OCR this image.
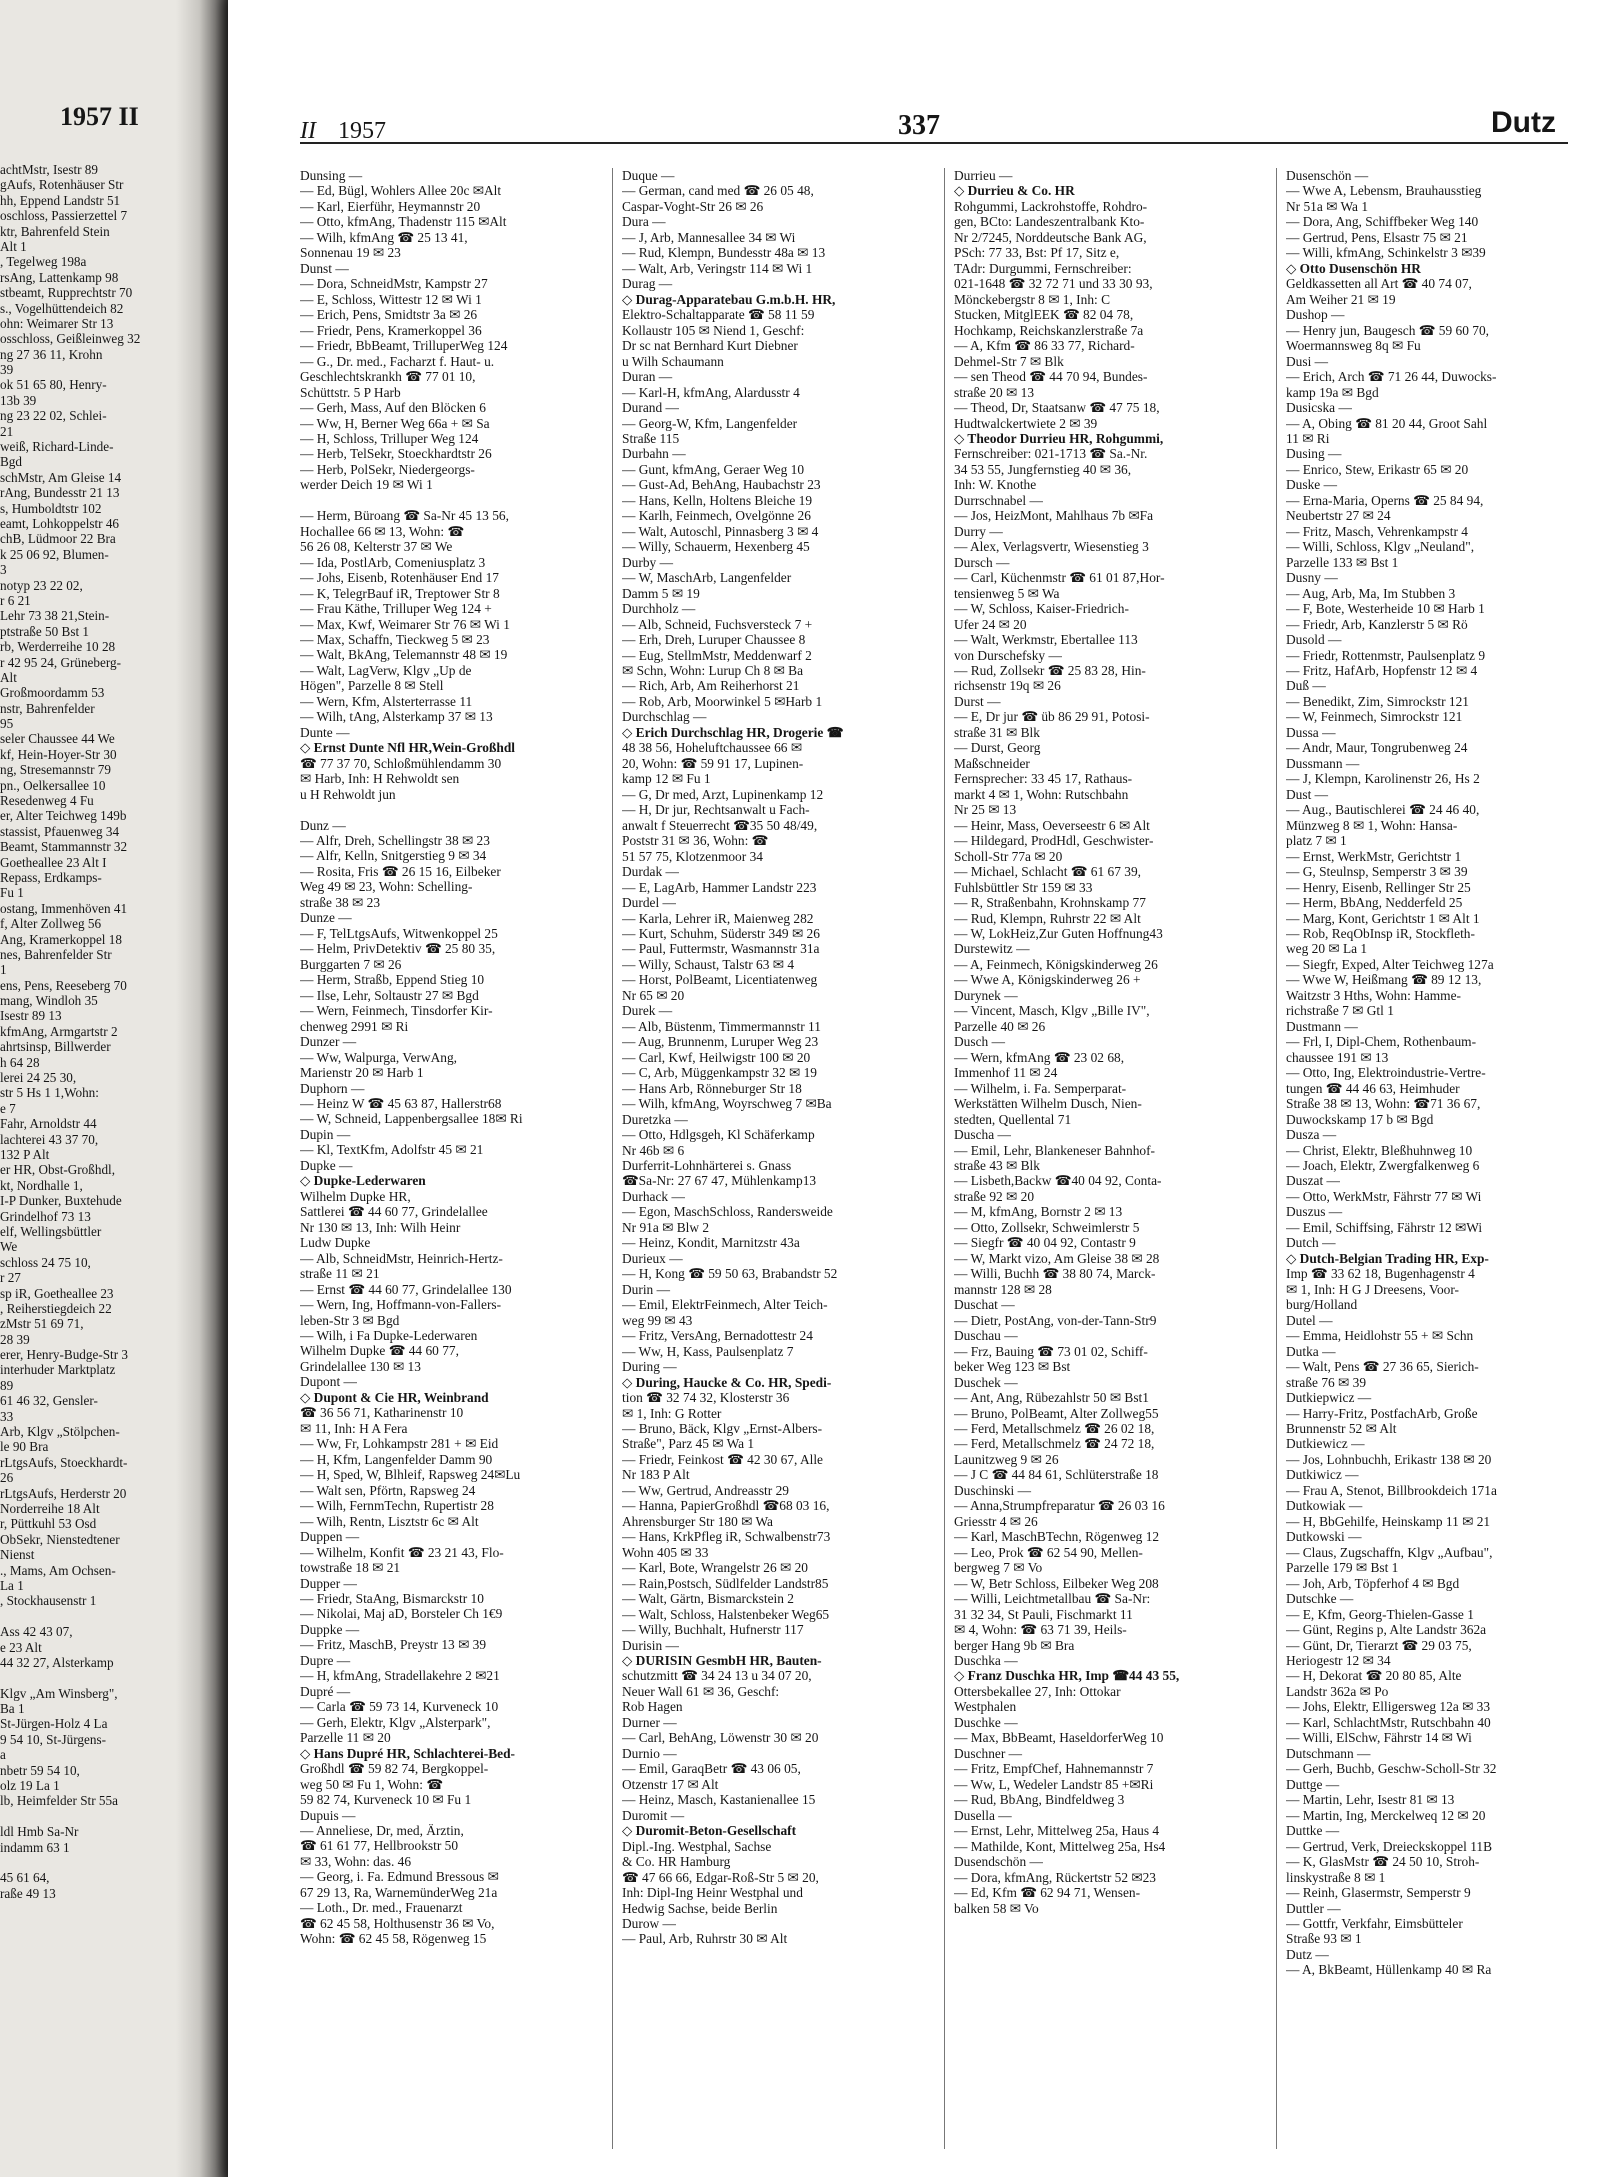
1957 II
achtMstr, Isestr 89
gAufs, Rotenhäuser Str
hh, Eppend Landstr 51
oschloss, Passierzettel 7
ktr, Bahrenfeld Stein
Alt 1
, Tegelweg 198a
rsAng, Lattenkamp 98
stbeamt, Rupprechtstr 70
s., Vogelhüttendeich 82
ohn: Weimarer Str 13
osschloss, Geißleinweg 32
ng 27 36 11, Krohn
39
ok 51 65 80, Henry-
13b 39
ng 23 22 02, Schlei-
21
weiß, Richard-Linde-
Bgd
schMstr, Am Gleise 14
rAng, Bundesstr 21 13
s, Humboldtstr 102
eamt, Lohkoppelstr 46
chB, Lüdmoor 22 Bra
k 25 06 92, Blumen-
3
notyp 23 22 02,
r 6 21
Lehr 73 38 21,Stein-
ptstraße 50 Bst 1
rb, Werderreihe 10 28
r 42 95 24, Grüneberg-
Alt
Großmoordamm 53
nstr, Bahrenfelder
95
seler Chaussee 44 We
kf, Hein-Hoyer-Str 30
ng, Stresemannstr 79
pn., Oelkersallee 10
Resedenweg 4 Fu
er, Alter Teichweg 149b
stassist, Pfauenweg 34
Beamt, Stammannstr 32
Goetheallee 23 Alt I
Repass, Erdkamps-
Fu 1
ostang, Immenhöven 41
f, Alter Zollweg 56
Ang, Kramerkoppel 18
nes, Bahrenfelder Str
1
ens, Pens, Reeseberg 70
mang, Windloh 35
Isestr 89 13
kfmAng, Armgartstr 2
ahrtsinsp, Billwerder
h 64 28
lerei 24 25 30,
str 5 Hs 1 1,Wohn:
e 7
Fahr, Arnoldstr 44
lachterei 43 37 70,
132 P Alt
er HR, Obst-Großhdl,
kt, Nordhalle 1,
I-P Dunker, Buxtehude
Grindelhof 73 13
elf, Wellingsbüttler
We
schloss 24 75 10,
r 27
sp iR, Goetheallee 23
, Reiherstiegdeich 22
zMstr 51 69 71,
28 39
erer, Henry-Budge-Str 3
interhuder Marktplatz
89
61 46 32, Gensler-
33
Arb, Klgv „Stölpchen-
le 90 Bra
rLtgsAufs, Stoeckhardt-
26
rLtgsAufs, Herderstr 20
Norderreihe 18 Alt
r, Püttkuhl 53 Osd
ObSekr, Nienstedtener
Nienst
., Mams, Am Ochsen-
La 1
, Stockhausenstr 1
Ass 42 43 07,
e 23 Alt
44 32 27, Alsterkamp
Klgv „Am Winsberg",
Ba 1
St-Jürgen-Holz 4 La
9 54 10, St-Jürgens-
a
nbetr 59 54 10,
olz 19 La 1
lb, Heimfelder Str 55a
ldl Hmb Sa-Nr
indamm 63 1
45 61 64,
raße 49 13
II 1957	337	Dutz
Dunsing —
— Ed, Bügl, Wohlers Allee 20c ✉Alt
— Karl, Eierführ, Heymannstr 20
— Otto, kfmAng, Thadenstr 115 ✉Alt
— Wilh, kfmAng ☎ 25 13 41,
Sonnenau 19 ✉ 23
Dunst —
— Dora, SchneidMstr, Kampstr 27
— E, Schloss, Wittestr 12 ✉ Wi 1
— Erich, Pens, Smidtstr 3a ✉ 26
— Friedr, Pens, Kramerkoppel 36
— Friedr, BbBeamt, TrilluperWeg 124
— G., Dr. med., Facharzt f. Haut- u.
Geschlechtskrankh ☎ 77 01 10,
Schüttstr. 5 P Harb
— Gerh, Mass, Auf den Blöcken 6
— Ww, H, Berner Weg 66a + ✉ Sa
— H, Schloss, Trilluper Weg 124
— Herb, TelSekr, Stoeckhardtstr 26
— Herb, PolSekr, Niedergeorgs-
werder Deich 19 ✉ Wi 1
— Herm, Büroang ☎ Sa-Nr 45 13 56,
Hochallee 66 ✉ 13, Wohn: ☎
56 26 08, Kelterstr 37 ✉ We
— Ida, PostlArb, Comeniusplatz 3
— Johs, Eisenb, Rotenhäuser End 17
— K, TelegrBauf iR, Treptower Str 8
— Frau Käthe, Trilluper Weg 124 +
— Max, Kwf, Weimarer Str 76 ✉ Wi 1
— Max, Schaffn, Tieckweg 5 ✉ 23
— Walt, BkAng, Telemannstr 48 ✉ 19
— Walt, LagVerw, Klgv „Up de
Högen", Parzelle 8 ✉ Stell
— Wern, Kfm, Alsterterrasse 11
— Wilh, tAng, Alsterkamp 37 ✉ 13
Dunte —
◇ Ernst Dunte Nfl HR,Wein-Großhdl
☎ 77 37 70, Schloßmühlendamm 30
✉ Harb, Inh: H Rehwoldt sen
u H Rehwoldt jun
Dunz —
— Alfr, Dreh, Schellingstr 38 ✉ 23
— Alfr, Kelln, Snitgerstieg 9 ✉ 34
— Rosita, Fris ☎ 26 15 16, Eilbeker
Weg 49 ✉ 23, Wohn: Schelling-
straße 38 ✉ 23
Dunze —
— F, TelLtgsAufs, Witwenkoppel 25
— Helm, PrivDetektiv ☎ 25 80 35,
Burggarten 7 ✉ 26
— Herm, Straßb, Eppend Stieg 10
— Ilse, Lehr, Soltaustr 27 ✉ Bgd
— Wern, Feinmech, Tinsdorfer Kir-
chenweg 2991 ✉ Ri
Dunzer —
— Ww, Walpurga, VerwAng,
Marienstr 20 ✉ Harb 1
Duphorn —
— Heinz W ☎ 45 63 87, Hallerstr68
— W, Schneid, Lappenbergsallee 18✉ Ri
Dupin —
— Kl, TextKfm, Adolfstr 45 ✉ 21
Dupke —
◇ Dupke-Lederwaren
Wilhelm Dupke HR,
Sattlerei ☎ 44 60 77, Grindelallee
Nr 130 ✉ 13, Inh: Wilh Heinr
Ludw Dupke
— Alb, SchneidMstr, Heinrich-Hertz-
straße 11 ✉ 21
— Ernst ☎ 44 60 77, Grindelallee 130
— Wern, Ing, Hoffmann-von-Fallers-
leben-Str 3 ✉ Bgd
— Wilh, i Fa Dupke-Lederwaren
Wilhelm Dupke ☎ 44 60 77,
Grindelallee 130 ✉ 13
Dupont —
◇ Dupont & Cie HR, Weinbrand
☎ 36 56 71, Katharinenstr 10
✉ 11, Inh: H A Fera
— Ww, Fr, Lohkampstr 281 + ✉ Eid
— H, Kfm, Langenfelder Damm 90
— H, Sped, W, Blhleif, Rapsweg 24✉Lu
— Walt sen, Pförtn, Rapsweg 24
— Wilh, FernmTechn, Rupertistr 28
— Wilh, Rentn, Lisztstr 6c ✉ Alt
Duppen —
— Wilhelm, Konfit ☎ 23 21 43, Flo-
towstraße 18 ✉ 21
Dupper —
— Friedr, StaAng, Bismarckstr 10
— Nikolai, Maj aD, Borsteler Ch 1€9
Duppke —
— Fritz, MaschB, Preystr 13 ✉ 39
Dupre —
— H, kfmAng, Stradellakehre 2 ✉21
Dupré —
— Carla ☎ 59 73 14, Kurveneck 10
— Gerh, Elektr, Klgv „Alsterpark",
Parzelle 11 ✉ 20
◇ Hans Dupré HR, Schlachterei-Bed-
Großhdl ☎ 59 82 74, Bergkoppel-
weg 50 ✉ Fu 1, Wohn: ☎
59 82 74, Kurveneck 10 ✉ Fu 1
Dupuis —
— Anneliese, Dr, med, Ärztin,
☎ 61 61 77, Hellbrookstr 50
✉ 33, Wohn: das. 46
— Georg, i. Fa. Edmund Bressous ✉
67 29 13, Ra, WarnemünderWeg 21a
— Loth., Dr. med., Frauenarzt
☎ 62 45 58, Holthusenstr 36 ✉ Vo,
Wohn: ☎ 62 45 58, Rögenweg 15
Duque —
— German, cand med ☎ 26 05 48,
Caspar-Voght-Str 26 ✉ 26
Dura —
— J, Arb, Mannesallee 34 ✉ Wi
— Rud, Klempn, Bundesstr 48a ✉ 13
— Walt, Arb, Veringstr 114 ✉ Wi 1
Durag —
◇ Durag-Apparatebau G.m.b.H. HR,
Elektro-Schaltapparate ☎ 58 11 59
Kollaustr 105 ✉ Niend 1, Geschf:
Dr sc nat Bernhard Kurt Diebner
u Wilh Schaumann
Duran —
— Karl-H, kfmAng, Alardusstr 4
Durand —
— Georg-W, Kfm, Langenfelder
Straße 115
Durbahn —
— Gunt, kfmAng, Geraer Weg 10
— Gust-Ad, BehAng, Haubachstr 23
— Hans, Kelln, Holtens Bleiche 19
— Karlh, Feinmech, Ovelgönne 26
— Walt, Autoschl, Pinnasberg 3 ✉ 4
— Willy, Schauerm, Hexenberg 45
Durby —
— W, MaschArb, Langenfelder
Damm 5 ✉ 19
Durchholz —
— Alb, Schneid, Fuchsversteck 7 +
— Erh, Dreh, Luruper Chaussee 8
— Eug, StellmMstr, Meddenwarf 2
✉ Schn, Wohn: Lurup Ch 8 ✉ Ba
— Rich, Arb, Am Reiherhorst 21
— Rob, Arb, Moorwinkel 5 ✉Harb 1
Durchschlag —
◇ Erich Durchschlag HR, Drogerie ☎
48 38 56, Hoheluftchaussee 66 ✉
20, Wohn: ☎ 59 91 17, Lupinen-
kamp 12 ✉ Fu 1
— G, Dr med, Arzt, Lupinenkamp 12
— H, Dr jur, Rechtsanwalt u Fach-
anwalt f Steuerrecht ☎35 50 48/49,
Poststr 31 ✉ 36, Wohn: ☎
51 57 75, Klotzenmoor 34
Durdak —
— E, LagArb, Hammer Landstr 223
Durdel —
— Karla, Lehrer iR, Maienweg 282
— Kurt, Schuhm, Süderstr 349 ✉ 26
— Paul, Futtermstr, Wasmannstr 31a
— Willy, Schaust, Talstr 63 ✉ 4
— Horst, PolBeamt, Licentiatenweg
Nr 65 ✉ 20
Durek —
— Alb, Büstenm, Timmermannstr 11
— Aug, Brunnenm, Luruper Weg 23
— Carl, Kwf, Heilwigstr 100 ✉ 20
— C, Arb, Müggenkampstr 32 ✉ 19
— Hans Arb, Rönneburger Str 18
— Wilh, kfmAng, Woyrschweg 7 ✉Ba
Duretzka —
— Otto, Hdlgsgeh, Kl Schäferkamp
Nr 46b ✉ 6
Durferrit-Lohnhärterei s. Gnass
☎Sa-Nr: 27 67 47, Mühlenkamp13
Durhack —
— Egon, MaschSchloss, Randersweide
Nr 91a ✉ Blw 2
— Heinz, Kondit, Marnitzstr 43a
Durieux —
— H, Kong ☎ 59 50 63, Brabandstr 52
Durin —
— Emil, ElektrFeinmech, Alter Teich-
weg 99 ✉ 43
— Fritz, VersAng, Bernadottestr 24
— Ww, H, Kass, Paulsenplatz 7
During —
◇ During, Haucke & Co. HR, Spedi-
tion ☎ 32 74 32, Klosterstr 36
✉ 1, Inh: G Rotter
— Bruno, Bäck, Klgv „Ernst-Albers-
Straße", Parz 45 ✉ Wa 1
— Friedr, Feinkost ☎ 42 30 67, Alle
Nr 183 P Alt
— Ww, Gertrud, Andreasstr 29
— Hanna, PapierGroßhdl ☎68 03 16,
Ahrensburger Str 180 ✉ Wa
— Hans, KrkPfleg iR, Schwalbenstr73
Wohn 405 ✉ 33
— Karl, Bote, Wrangelstr 26 ✉ 20
— Rain,Postsch, Südlfelder Landstr85
— Walt, Gärtn, Bismarckstein 2
— Walt, Schloss, Halstenbeker Weg65
— Willy, Buchhalt, Hufnerstr 117
Durisin —
◇ DURISIN GesmbH HR, Bauten-
schutzmitt ☎ 34 24 13 u 34 07 20,
Neuer Wall 61 ✉ 36, Geschf:
Rob Hagen
Durner —
— Carl, BehAng, Löwenstr 30 ✉ 20
Durnio —
— Emil, GaraqBetr ☎ 43 06 05,
Otzenstr 17 ✉ Alt
— Heinz, Masch, Kastanienallee 15
Duromit —
◇ Duromit-Beton-Gesellschaft
Dipl.-Ing. Westphal, Sachse
& Co. HR Hamburg
☎ 47 66 66, Edgar-Roß-Str 5 ✉ 20,
Inh: Dipl-Ing Heinr Westphal und
Hedwig Sachse, beide Berlin
Durow —
— Paul, Arb, Ruhrstr 30 ✉ Alt
Durrieu —
◇ Durrieu & Co. HR
Rohgummi, Lackrohstoffe, Rohdro-
gen, BCto: Landeszentralbank Kto-
Nr 2/7245, Norddeutsche Bank AG,
PSch: 77 33, Bst: Pf 17, Sitz e,
TAdr: Durgummi, Fernschreiber:
021-1648 ☎ 32 72 71 und 33 30 93,
Mönckebergstr 8 ✉ 1, Inh: C
Stucken, MitglEEK ☎ 82 04 78,
Hochkamp, Reichskanzlerstraße 7a
— A, Kfm ☎ 86 33 77, Richard-
Dehmel-Str 7 ✉ Blk
— sen Theod ☎ 44 70 94, Bundes-
straße 20 ✉ 13
— Theod, Dr, Staatsanw ☎ 47 75 18,
Hudtwalckertwiete 2 ✉ 39
◇ Theodor Durrieu HR, Rohgummi,
Fernschreiber: 021-1713 ☎ Sa.-Nr.
34 53 55, Jungfernstieg 40 ✉ 36,
Inh: W. Knothe
Durrschnabel —
— Jos, HeizMont, Mahlhaus 7b ✉Fa
Durry —
— Alex, Verlagsvertr, Wiesenstieg 3
Dursch —
— Carl, Küchenmstr ☎ 61 01 87,Hor-
tensienweg 5 ✉ Wa
— W, Schloss, Kaiser-Friedrich-
Ufer 24 ✉ 20
— Walt, Werkmstr, Ebertallee 113
von Durschefsky —
— Rud, Zollsekr ☎ 25 83 28, Hin-
richsenstr 19q ✉ 26
Durst —
— E, Dr jur ☎ üb 86 29 91, Potosi-
straße 31 ✉ Blk
— Durst, Georg
Maßschneider
Fernsprecher: 33 45 17, Rathaus-
markt 4 ✉ 1, Wohn: Rutschbahn
Nr 25 ✉ 13
— Heinr, Mass, Oeverseestr 6 ✉ Alt
— Hildegard, ProdHdl, Geschwister-
Scholl-Str 77a ✉ 20
— Michael, Schlacht ☎ 61 67 39,
Fuhlsbüttler Str 159 ✉ 33
— R, Straßenbahn, Krohnskamp 77
— Rud, Klempn, Ruhrstr 22 ✉ Alt
— W, LokHeiz,Zur Guten Hoffnung43
Durstewitz —
— A, Feinmech, Königskinderweg 26
— Wwe A, Königskinderweg 26 +
Durynek —
— Vincent, Masch, Klgv „Bille IV",
Parzelle 40 ✉ 26
Dusch —
— Wern, kfmAng ☎ 23 02 68,
Immenhof 11 ✉ 24
— Wilhelm, i. Fa. Semperparat-
Werkstätten Wilhelm Dusch, Nien-
stedten, Quellental 71
Duscha —
— Emil, Lehr, Blankeneser Bahnhof-
straße 43 ✉ Blk
— Lisbeth,Backw ☎40 04 92, Conta-
straße 92 ✉ 20
— M, kfmAng, Bornstr 2 ✉ 13
— Otto, Zollsekr, Schweimlerstr 5
— Siegfr ☎ 40 04 92, Contastr 9
— W, Markt vizo, Am Gleise 38 ✉ 28
— Willi, Buchh ☎ 38 80 74, Marck-
mannstr 128 ✉ 28
Duschat —
— Dietr, PostAng, von-der-Tann-Str9
Duschau —
— Frz, Bauing ☎ 73 01 02, Schiff-
beker Weg 123 ✉ Bst
Duschek —
— Ant, Ang, Rübezahlstr 50 ✉ Bst1
— Bruno, PolBeamt, Alter Zollweg55
— Ferd, Metallschmelz ☎ 26 02 18,
— Ferd, Metallschmelz ☎ 24 72 18,
Launitzweg 9 ✉ 26
— J C ☎ 44 84 61, Schlüterstraße 18
Duschinski —
— Anna,Strumpfreparatur ☎ 26 03 16
Griesstr 4 ✉ 26
— Karl, MaschBTechn, Rögenweg 12
— Leo, Prok ☎ 62 54 90, Mellen-
bergweg 7 ✉ Vo
— W, Betr Schloss, Eilbeker Weg 208
— Willi, Leichtmetallbau ☎ Sa-Nr:
31 32 34, St Pauli, Fischmarkt 11
✉ 4, Wohn: ☎ 63 71 39, Heils-
berger Hang 9b ✉ Bra
Duschka —
◇ Franz Duschka HR, Imp ☎44 43 55,
Ottersbekallee 27, Inh: Ottokar
Westphalen
Duschke —
— Max, BbBeamt, HaseldorferWeg 10
Duschner —
— Fritz, EmpfChef, Hahnemannstr 7
— Ww, L, Wedeler Landstr 85 +✉Ri
— Rud, BbAng, Bindfeldweg 3
Dusella —
— Ernst, Lehr, Mittelweg 25a, Haus 4
— Mathilde, Kont, Mittelweg 25a, Hs4
Dusendschön —
— Dora, kfmAng, Rückertstr 52 ✉23
— Ed, Kfm ☎ 62 94 71, Wensen-
balken 58 ✉ Vo
Dusenschön —
— Wwe A, Lebensm, Brauhausstieg
Nr 51a ✉ Wa 1
— Dora, Ang, Schiffbeker Weg 140
— Gertrud, Pens, Elsastr 75 ✉ 21
— Willi, kfmAng, Schinkelstr 3 ✉39
◇ Otto Dusenschön HR
Geldkassetten all Art ☎ 40 74 07,
Am Weiher 21 ✉ 19
Dushop —
— Henry jun, Baugesch ☎ 59 60 70,
Woermannsweg 8q ✉ Fu
Dusi —
— Erich, Arch ☎ 71 26 44, Duwocks-
kamp 19a ✉ Bgd
Dusicska —
— A, Obing ☎ 81 20 44, Groot Sahl
11 ✉ Ri
Dusing —
— Enrico, Stew, Erikastr 65 ✉ 20
Duske —
— Erna-Maria, Operns ☎ 25 84 94,
Neubertstr 27 ✉ 24
— Fritz, Masch, Vehrenkampstr 4
— Willi, Schloss, Klgv „Neuland",
Parzelle 133 ✉ Bst 1
Dusny —
— Aug, Arb, Ma, Im Stubben 3
— F, Bote, Westerheide 10 ✉ Harb 1
— Friedr, Arb, Kanzlerstr 5 ✉ Rö
Dusold —
— Friedr, Rottenmstr, Paulsenplatz 9
— Fritz, HafArb, Hopfenstr 12 ✉ 4
Duß —
— Benedikt, Zim, Simrockstr 121
— W, Feinmech, Simrockstr 121
Dussa —
— Andr, Maur, Tongrubenweg 24
Dussmann —
— J, Klempn, Karolinenstr 26, Hs 2
Dust —
— Aug., Bautischlerei ☎ 24 46 40,
Münzweg 8 ✉ 1, Wohn: Hansa-
platz 7 ✉ 1
— Ernst, WerkMstr, Gerichtstr 1
— G, Steulnsp, Semperstr 3 ✉ 39
— Henry, Eisenb, Rellinger Str 25
— Herm, BbAng, Nedderfeld 25
— Marg, Kont, Gerichtstr 1 ✉ Alt 1
— Rob, ReqObInsp iR, Stockfleth-
weg 20 ✉ La 1
— Siegfr, Exped, Alter Teichweg 127a
— Wwe W, Heißmang ☎ 89 12 13,
Waitzstr 3 Hths, Wohn: Hamme-
richstraße 7 ✉ Gtl 1
Dustmann —
— Frl, I, Dipl-Chem, Rothenbaum-
chaussee 191 ✉ 13
— Otto, Ing, Elektroindustrie-Vertre-
tungen ☎ 44 46 63, Heimhuder
Straße 38 ✉ 13, Wohn: ☎71 36 67,
Duwockskamp 17 b ✉ Bgd
Dusza —
— Christ, Elektr, Bleßhuhnweg 10
— Joach, Elektr, Zwergfalkenweg 6
Duszat —
— Otto, WerkMstr, Fährstr 77 ✉ Wi
Duszus —
— Emil, Schiffsing, Fährstr 12 ✉Wi
Dutch —
◇ Dutch-Belgian Trading HR, Exp-
Imp ☎ 33 62 18, Bugenhagenstr 4
✉ 1, Inh: H G J Dreesens, Voor-
burg/Holland
Dutel —
— Emma, Heidlohstr 55 + ✉ Schn
Dutka —
— Walt, Pens ☎ 27 36 65, Sierich-
straße 76 ✉ 39
Dutkiepwicz —
— Harry-Fritz, PostfachArb, Große
Brunnenstr 52 ✉ Alt
Dutkiewicz —
— Jos, Lohnbuchh, Erikastr 138 ✉ 20
Dutkiwicz —
— Frau A, Stenot, Billbrookdeich 171a
Dutkowiak —
— H, BbGehilfe, Heinskamp 11 ✉ 21
Dutkowski —
— Claus, Zugschaffn, Klgv „Aufbau",
Parzelle 179 ✉ Bst 1
— Joh, Arb, Töpferhof 4 ✉ Bgd
Dutschke —
— E, Kfm, Georg-Thielen-Gasse 1
— Günt, Regins p, Alte Landstr 362a
— Günt, Dr, Tierarzt ☎ 29 03 75,
Heriogestr 12 ✉ 34
— H, Dekorat ☎ 20 80 85, Alte
Landstr 362a ✉ Po
— Johs, Elektr, Elligersweg 12a ✉ 33
— Karl, SchlachtMstr, Rutschbahn 40
— Willi, ElSchw, Fährstr 14 ✉ Wi
Dutschmann —
— Gerh, Buchb, Geschw-Scholl-Str 32
Duttge —
— Martin, Lehr, Isestr 81 ✉ 13
— Martin, Ing, Merckelweq 12 ✉ 20
Duttke —
— Gertrud, Verk, Dreieckskoppel 11B
— K, GlasMstr ☎ 24 50 10, Stroh-
linskystraße 8 ✉ 1
— Reinh, Glasermstr, Semperstr 9
Duttler —
— Gottfr, Verkfahr, Eimsbütteler
Straße 93 ✉ 1
Dutz —
— A, BkBeamt, Hüllenkamp 40 ✉ Ra
